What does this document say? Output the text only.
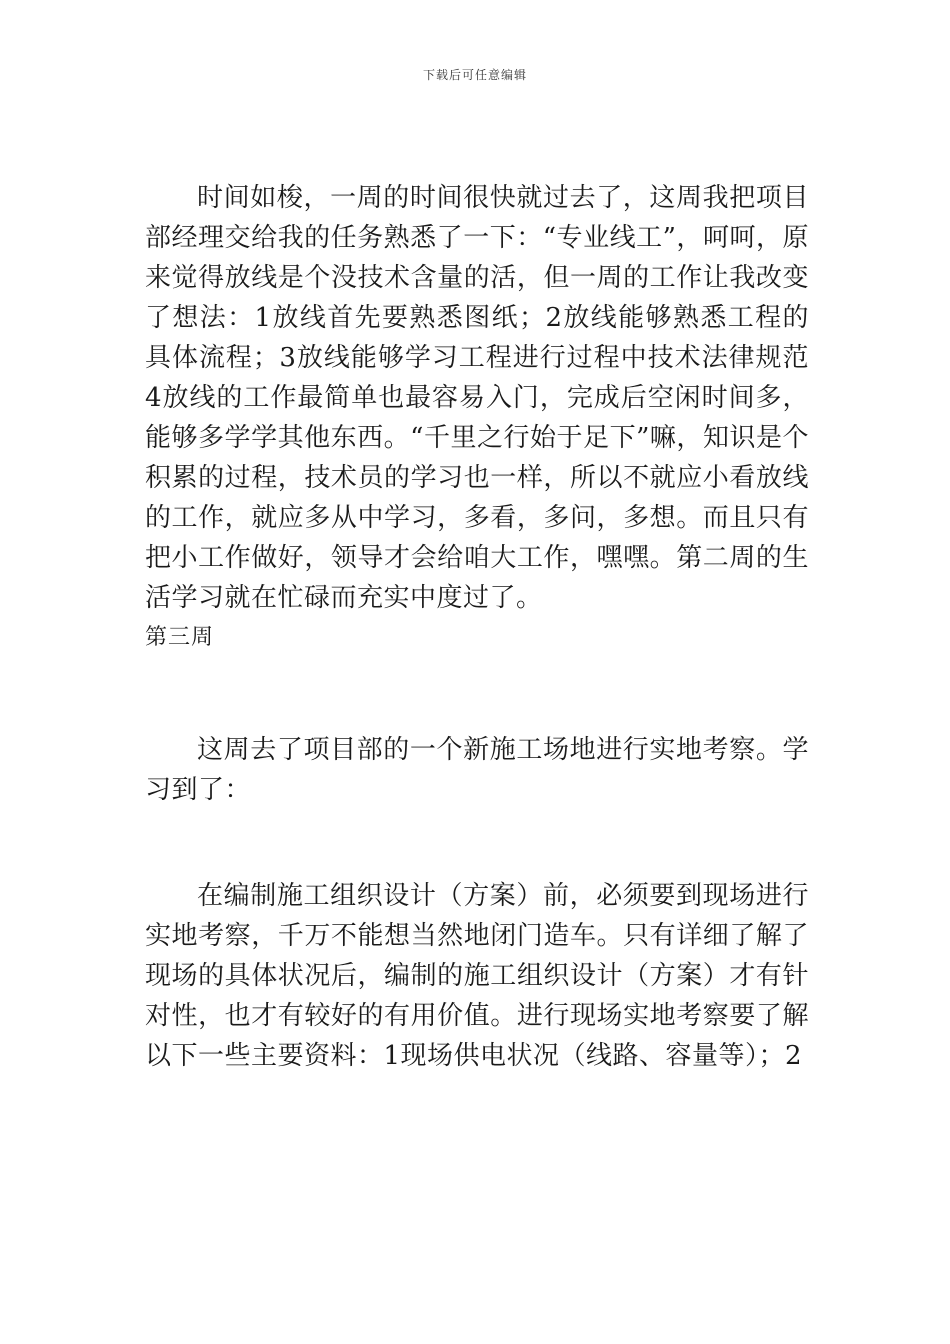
下载后可任意编辑

时间如梭，一周的时间很快就过去了，这周我把项目部经理交给我的任务熟悉了一下：“专业线工”，呵呵，原来觉得放线是个没技术含量的活，但一周的工作让我改变了想法：1放线首先要熟悉图纸；2放线能够熟悉工程的具体流程；3放线能够学习工程进行过程中技术法律规范4放线的工作最简单也最容易入门，完成后空闲时间多，能够多学学其他东西。“千里之行始于足下”嘛，知识是个积累的过程，技术员的学习也一样，所以不就应小看放线的工作，就应多从中学习，多看，多问，多想。而且只有把小工作做好，领导才会给咱大工作，嘿嘿。第二周的生活学习就在忙碌而充实中度过了。

第三周

这周去了项目部的一个新施工场地进行实地考察。学习到了：

在编制施工组织设计（方案）前，必须要到现场进行实地考察，千万不能想当然地闭门造车。只有详细了解了现场的具体状况后，编制的施工组织设计（方案）才有针对性，也才有较好的有用价值。进行现场实地考察要了解以下一些主要资料：1现场供电状况（线路、容量等）；2
